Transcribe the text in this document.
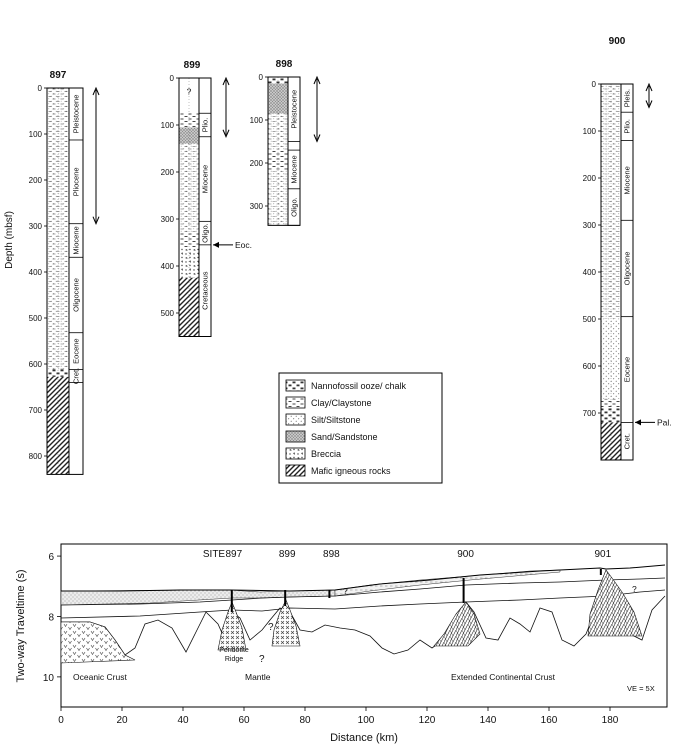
897
Pleistocene
Pliocene
Miocene
Oligocene
Eocene
Cret.
0
100
200
300
400
500
600
700
800
899
Plio.
Miocene
Oligo.
Cretaceous
0
100
200
300
400
500
?
Eoc.
898
Pleistocene
Miocene
Oligo.
0
100
200
300
900
Pleis.
Plio.
Miocene
Oligocene
Eocene
Cret.
0
100
200
300
400
500
600
700
Pal.
Depth (mbsf)
Nannofossil ooze/ chalk
Clay/Claystone
Silt/Siltstone
Sand/Sandstone
Breccia
Mafic igneous rocks
0	20	40	60	80	100	120	140	160	180
6
8
10
Distance (km)
Two-way Traveltime (s)
SITE 897	899	898	900	901
Oceanic Crust	Mantle	Extended Continental Crust
Peridotite
Ridge ?
?
?	?
VE = 5X
